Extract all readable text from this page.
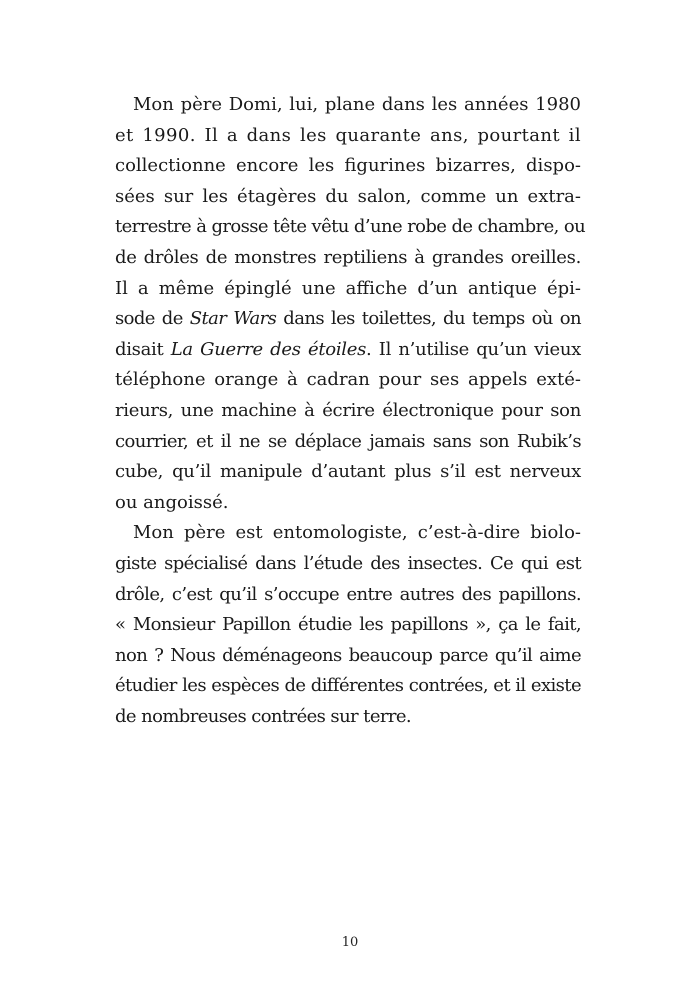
Mon père Domi, lui, plane dans les années 1980
et 1990. Il a dans les quarante ans, pourtant il
collectionne encore les figurines bizarres, dispo-
sées sur les étagères du salon, comme un extra-
terrestre à grosse tête vêtu d’une robe de chambre, ou
de drôles de monstres reptiliens à grandes oreilles.
Il a même épinglé une affiche d’un antique épi-
sode de Star Wars dans les toilettes, du temps où on
disait La Guerre des étoiles. Il n’utilise qu’un vieux
téléphone orange à cadran pour ses appels exté-
rieurs, une machine à écrire électronique pour son
courrier, et il ne se déplace jamais sans son Rubik’s
cube, qu’il manipule d’autant plus s’il est nerveux
ou angoissé.
Mon père est entomologiste, c’est-à-dire biolo-
giste spécialisé dans l’étude des insectes. Ce qui est
drôle, c’est qu’il s’occupe entre autres des papillons.
« Monsieur Papillon étudie les papillons », ça le fait,
non ? Nous déménageons beaucoup parce qu’il aime
étudier les espèces de différentes contrées, et il existe
de nombreuses contrées sur terre.
10
